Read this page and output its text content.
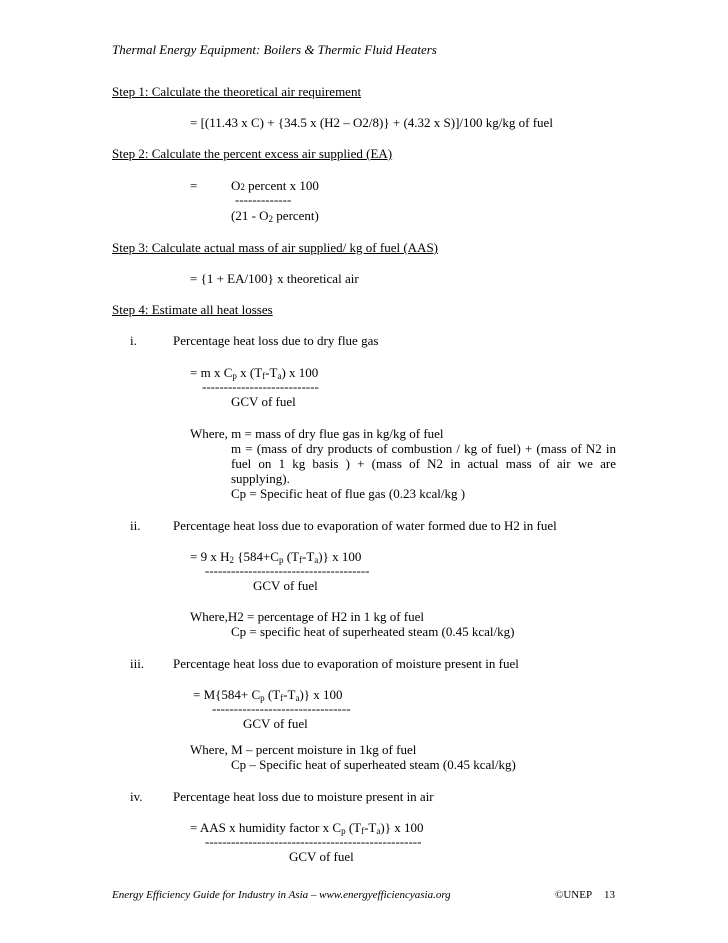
Thermal Energy Equipment: Boilers & Thermic Fluid Heaters
Step 1: Calculate the theoretical air requirement
= [(11.43 x C) + {34.5 x (H2 – O2/8)} + (4.32 x S)]/100 kg/kg of fuel
Step 2: Calculate the percent excess air supplied (EA)
=	O2 percent x 100
-------------
($21 - O_2$ percent)
Step 3: Calculate actual mass of air supplied/ kg of fuel (AAS)
= {1 + EA/100} x theoretical air
Step 4: Estimate all heat losses
i.	Percentage heat loss due to dry flue gas
= m x $C_p$ x $(T_f-T_a)$ x 100
---------------------------
GCV of fuel
Where, m = mass of dry flue gas in kg/kg of fuel
m = (mass of dry products of combustion / kg of fuel) + (mass of N2 in
fuel on 1 kg basis ) + (mass of N2 in actual mass of air we are
supplying).
Cp = Specific heat of flue gas (0.23 kcal/kg )
ii.	Percentage heat loss due to evaporation of water formed due to H2 in fuel
= 9 x $H_2$ {$584+C_p$ $(T_f-T_a)$} x 100
--------------------------------------
GCV of fuel
Where,H2 = percentage of H2 in 1 kg of fuel
Cp = specific heat of superheated steam (0.45 kcal/kg)
iii.	Percentage heat loss due to evaporation of moisture present in fuel
= $M\{584+ C_p$ $(T_f-T_a)$} x 100
--------------------------------
GCV of fuel
Where, M – percent moisture in 1kg of fuel
Cp – Specific heat of superheated steam (0.45 kcal/kg)
iv.	Percentage heat loss due to moisture present in air
= AAS x humidity factor x $C_p$ $(T_f-T_a)$} x 100
--------------------------------------------------
GCV of fuel
Energy Efficiency Guide for Industry in Asia – www.energyefficiencyasia.org	©UNEP 13
